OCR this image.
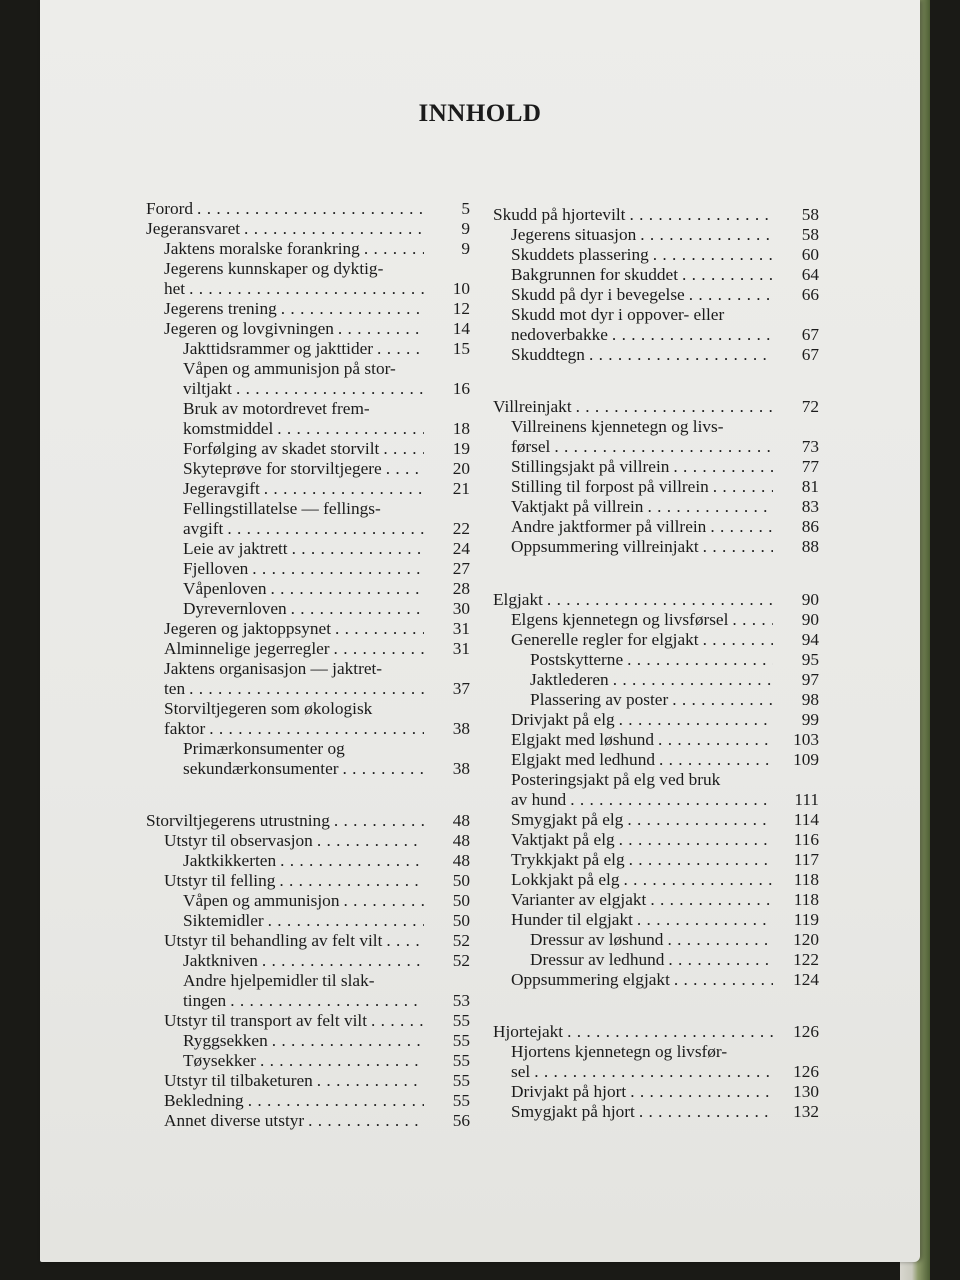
INNHOLD
Forord . . .	5
Jegeransvaret . . .	9
Jaktens moralske forankring . . .	9
Jegerens kunnskaper og dyktig-
het . . .	10
Jegerens trening . . .	12
Jegeren og lovgivningen . . .	14
Jakttidsrammer og jakttider . . .	15
Våpen og ammunisjon på stor-
viltjakt . . .	16
Bruk av motordrevet frem-
komstmiddel . . .	18
Forfølging av skadet storvilt . . .	19
Skyteprøve for storviltjegere . . .	20
Jegeravgift . . .	21
Fellingstillatelse — fellings-
avgift . . .	22
Leie av jaktrett . . .	24
Fjelloven . . .	27
Våpenloven . . .	28
Dyrevernloven . . .	30
Jegeren og jaktoppsynet . . .	31
Alminnelige jegerregler . . .	31
Jaktens organisasjon — jaktret-
ten . . .	37
Storviltjegeren som økologisk
faktor . . .	38
Primærkonsumenter og
sekundærkonsumenter . . .	38
Storviltjegerens utrustning . . .	48
Utstyr til observasjon . . .	48
Jaktkikkerten . . .	48
Utstyr til felling . . .	50
Våpen og ammunisjon . . .	50
Siktemidler . . .	50
Utstyr til behandling av felt vilt . . .	52
Jaktkniven . . .	52
Andre hjelpemidler til slak-
tingen . . .	53
Utstyr til transport av felt vilt . . .	55
Ryggsekken . . .	55
Tøysekker . . .	55
Utstyr til tilbaketuren . . .	55
Bekledning . . .	55
Annet diverse utstyr . . .	56
Skudd på hjortevilt . . .	58
Jegerens situasjon . . .	58
Skuddets plassering . . .	60
Bakgrunnen for skuddet . . .	64
Skudd på dyr i bevegelse . . .	66
Skudd mot dyr i oppover- eller
nedoverbakke . . .	67
Skuddtegn . . .	67
Villreinjakt . . .	72
Villreinens kjennetegn og livs-
førsel . . .	73
Stillingsjakt på villrein . . .	77
Stilling til forpost på villrein . . .	81
Vaktjakt på villrein . . .	83
Andre jaktformer på villrein . . .	86
Oppsummering villreinjakt . . .	88
Elgjakt . . .	90
Elgens kjennetegn og livsførsel . . .	90
Generelle regler for elgjakt . . .	94
Postskytterne . . .	95
Jaktlederen . . .	97
Plassering av poster . . .	98
Drivjakt på elg . . .	99
Elgjakt med løshund . . .	103
Elgjakt med ledhund . . .	109
Posteringsjakt på elg ved bruk
av hund . . .	111
Smygjakt på elg . . .	114
Vaktjakt på elg . . .	116
Trykkjakt på elg . . .	117
Lokkjakt på elg . . .	118
Varianter av elgjakt . . .	118
Hunder til elgjakt . . .	119
Dressur av løshund . . .	120
Dressur av ledhund . . .	122
Oppsummering elgjakt . . .	124
Hjortejakt . . .	126
Hjortens kjennetegn og livsfør-
sel . . .	126
Drivjakt på hjort . . .	130
Smygjakt på hjort . . .	132
